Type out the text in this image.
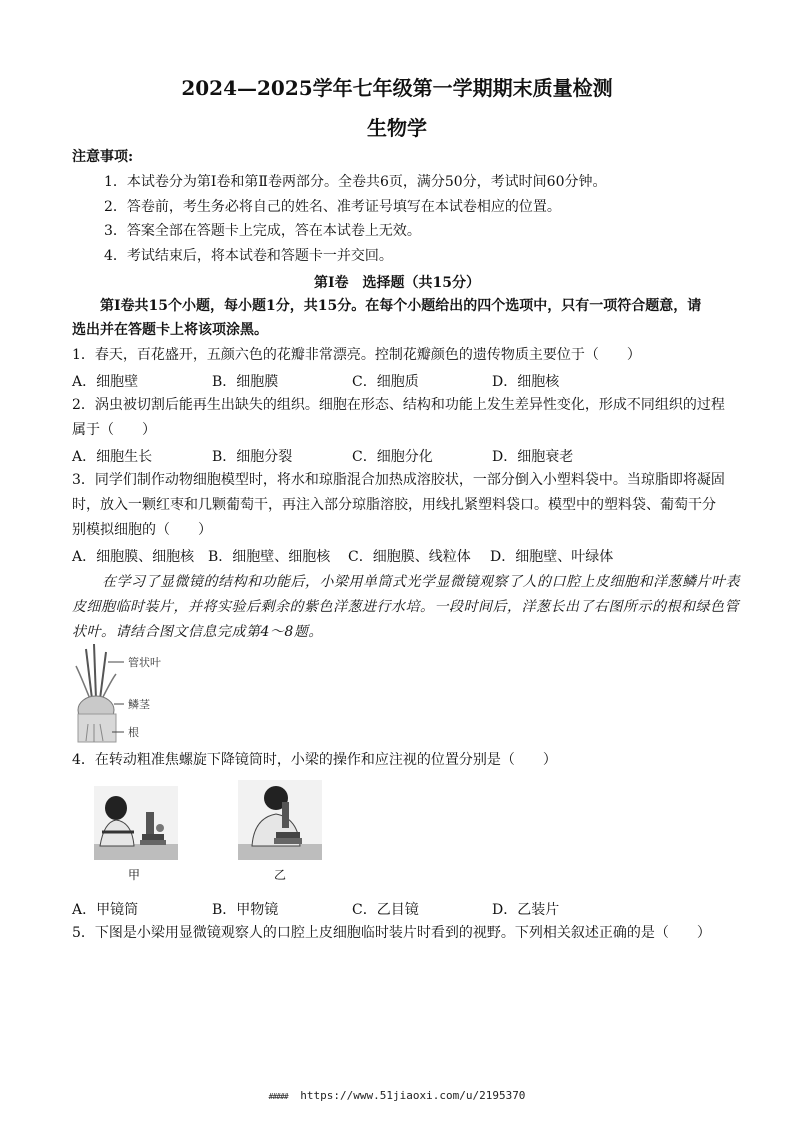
2024—2025学年七年级第一学期期末质量检测
生物学
注意事项:
1．本试卷分为第Ⅰ卷和第Ⅱ卷两部分。全卷共6页，满分50分，考试时间60分钟。
2．答卷前，考生务必将自己的姓名、准考证号填写在本试卷相应的位置。
3．答案全部在答题卡上完成，答在本试卷上无效。
4．考试结束后，将本试卷和答题卡一并交回。
第Ⅰ卷　选择题（共15分）
第Ⅰ卷共15个小题，每小题1分，共15分。在每个小题给出的四个选项中，只有一项符合题意，请
选出并在答题卡上将该项涂黑。
1．春天，百花盛开，五颜六色的花瓣非常漂亮。控制花瓣颜色的遗传物质主要位于（　　）
A．细胞壁	B．细胞膜	C．细胞质	D．细胞核
2．涡虫被切割后能再生出缺失的组织。细胞在形态、结构和功能上发生差异性变化，形成不同组织的过程
属于（　　）
A．细胞生长	B．细胞分裂	C．细胞分化	D．细胞衰老
3．同学们制作动物细胞模型时，将水和琼脂混合加热成溶胶状，一部分倒入小塑料袋中。当琼脂即将凝固
时，放入一颗红枣和几颗葡萄干，再注入部分琼脂溶胶，用线扎紧塑料袋口。模型中的塑料袋、葡萄干分
别模拟细胞的（　　）
A．细胞膜、细胞核 B．细胞壁、细胞核 C．细胞膜、线粒体 D．细胞壁、叶绿体
在学习了显微镜的结构和功能后，小梁用单筒式光学显微镜观察了人的口腔上皮细胞和洋葱鳞片叶表
皮细胞临时装片，并将实验后剩余的紫色洋葱进行水培。一段时间后，洋葱长出了右图所示的根和绿色管
状叶。请结合图文信息完成第4～8题。
管状叶
鳞茎
根
4．在转动粗准焦螺旋下降镜筒时，小梁的操作和应注视的位置分别是（　　）
甲	乙
A．甲镜筒	B．甲物镜	C．乙目镜	D．乙装片
5．下图是小梁用显微镜观察人的口腔上皮细胞临时装片时看到的视野。下列相关叙述正确的是（　　）
##### https://www.51jiaoxi.com/u/2195370
